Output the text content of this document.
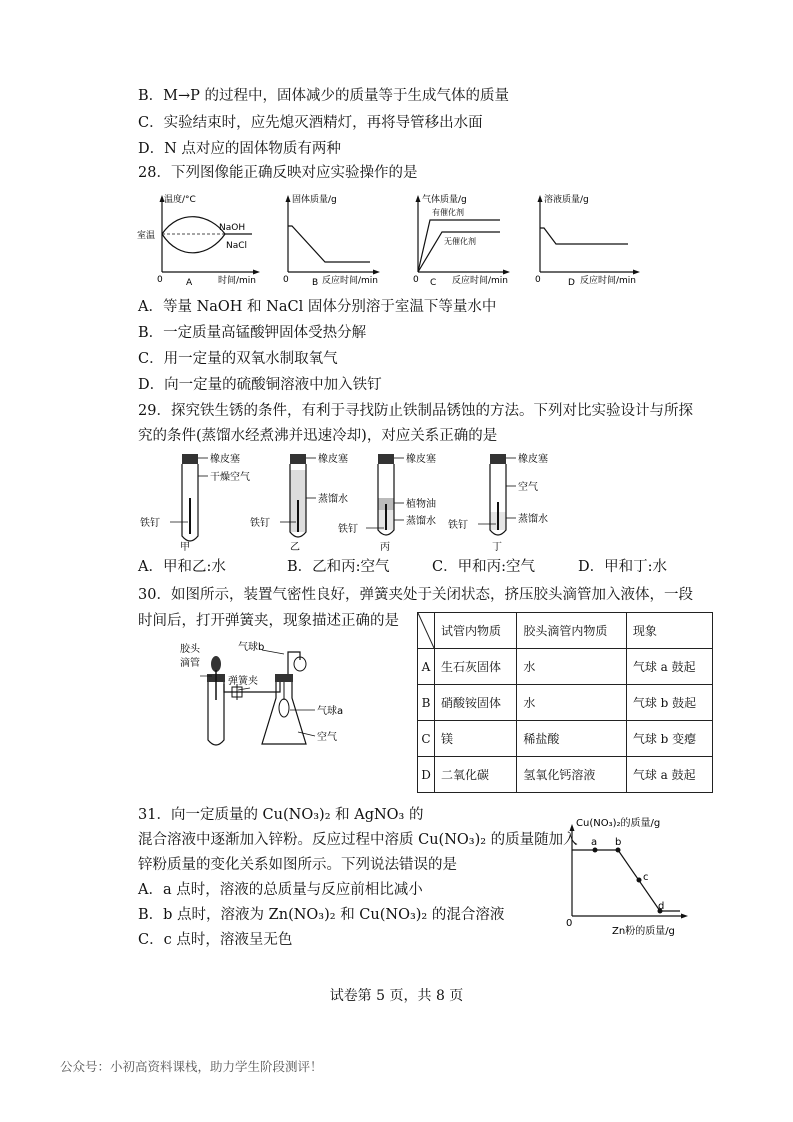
B．M→P 的过程中，固体减少的质量等于生成气体的质量
C．实验结束时，应先熄灭酒精灯，再将导管移出水面
D．N 点对应的固体物质有两种
28．下列图像能正确反映对应实验操作的是
温度/°C
室温
NaOH
NaCl
0	A	时间/min
固体质量/g
0	B 反应时间/min
气体质量/g
有催化剂
无催化剂
0 C 反应时间/min
溶液质量/g
0	D 反应时间/min
A．等量 NaOH 和 NaCl 固体分别溶于室温下等量水中
B．一定质量高锰酸钾固体受热分解
C．用一定量的双氧水制取氧气
D．向一定量的硫酸铜溶液中加入铁钉
29．探究铁生锈的条件，有利于寻找防止铁制品锈蚀的方法。下列对比实验设计与所探
究的条件(蒸馏水经煮沸并迅速冷却)，对应关系正确的是
橡皮塞
干燥空气
铁钉
甲
橡皮塞
蒸馏水
铁钉
乙
橡皮塞
植物油
蒸馏水
铁钉
丙
橡皮塞
空气
蒸馏水
铁钉
丁
A．甲和乙:水	B．乙和丙:空气	C．甲和丙:空气	D．甲和丁:水
30．如图所示，装置气密性良好，弹簧夹处于关闭状态，挤压胶头滴管加入液体，一段
时间后，打开弹簧夹，现象描述正确的是
胶头
滴管
气球b
弹簧夹
气球a
空气
	试管内物质	胶头滴管内物质	现象
A	生石灰固体	水	气球 a 鼓起
B	硝酸铵固体	水	气球 b 鼓起
C	镁	稀盐酸	气球 b 变瘪
D	二氧化碳	氢氧化钙溶液	气球 a 鼓起
31．向一定质量的 Cu(NO₃)₂ 和 AgNO₃ 的
混合溶液中逐渐加入锌粉。反应过程中溶质 Cu(NO₃)₂ 的质量随加入
锌粉质量的变化关系如图所示。下列说法错误的是
A．a 点时，溶液的总质量与反应前相比减小
B．b 点时，溶液为 Zn(NO₃)₂ 和 Cu(NO₃)₂ 的混合溶液
C．c 点时，溶液呈无色
a b
c
d
Cu(NO₃)₂的质量/g
0
Zn粉的质量/g
试卷第 5 页，共 8 页
公众号：小初高资料课栈，助力学生阶段测评！
